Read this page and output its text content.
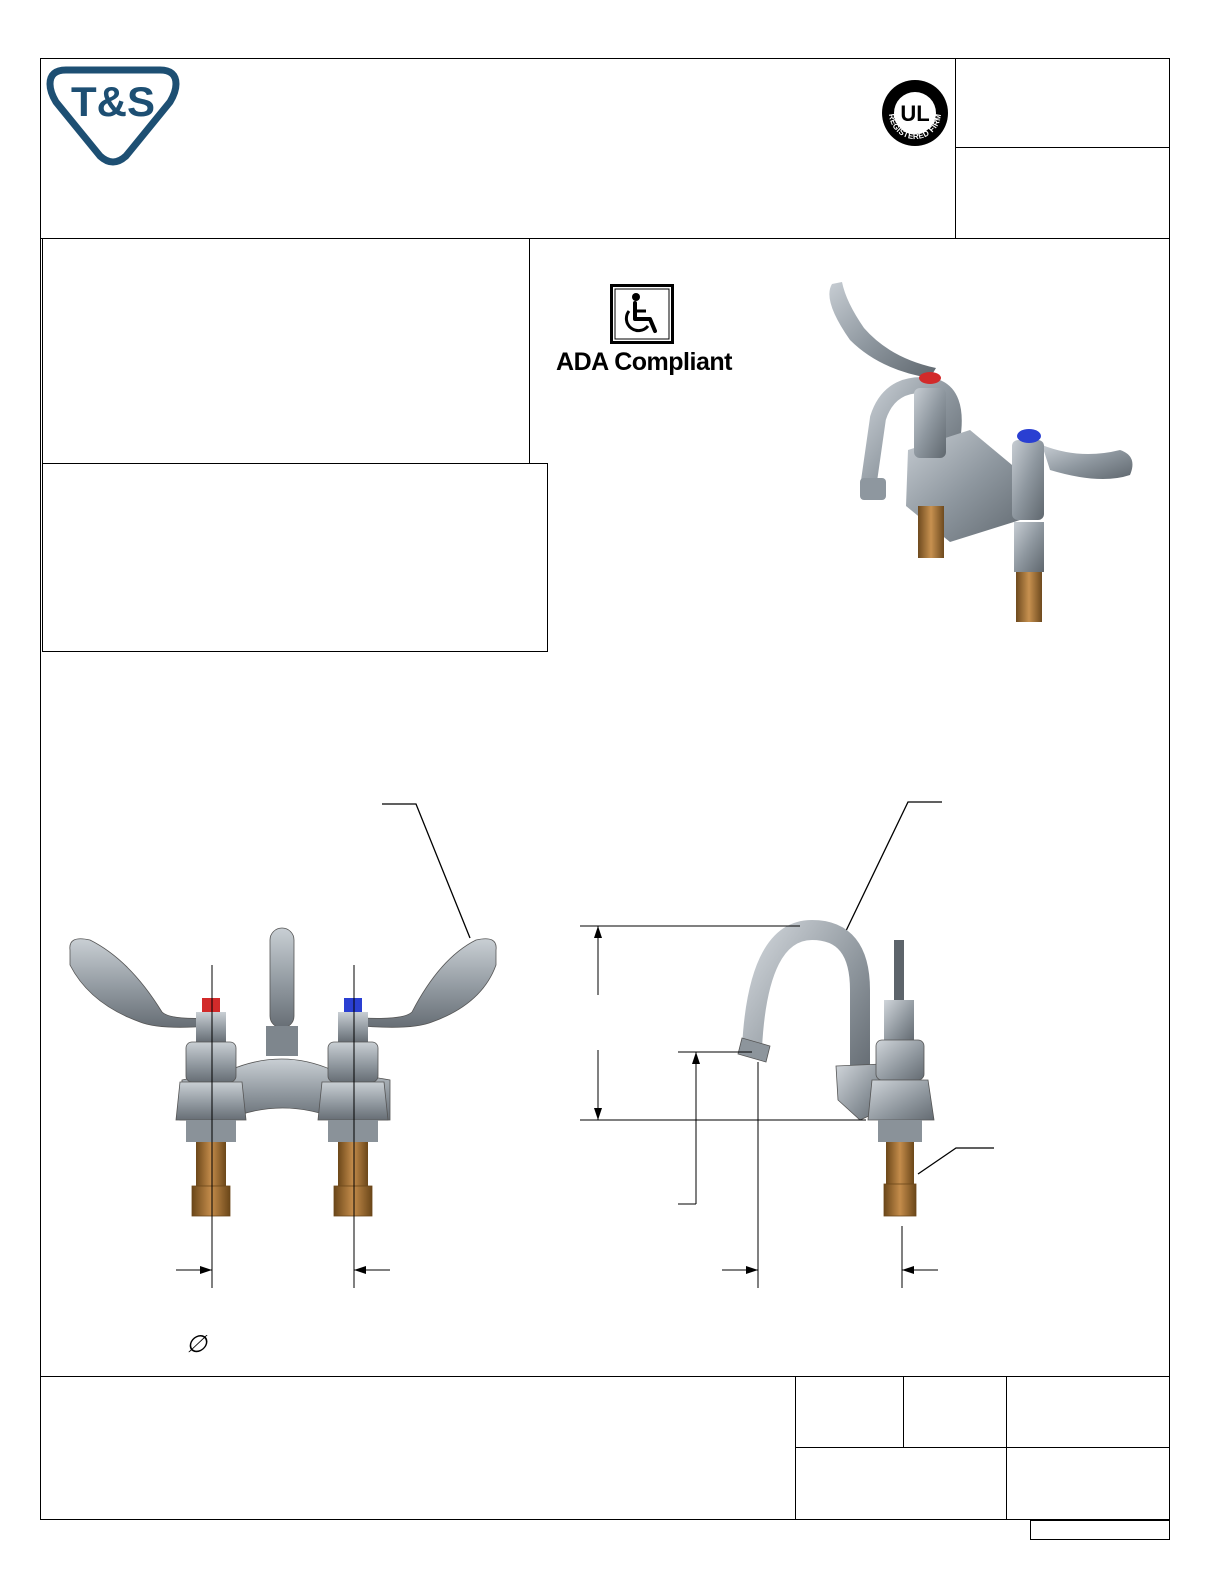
T&S	UL
REGISTERED FIRM
ADA Compliant
∅
